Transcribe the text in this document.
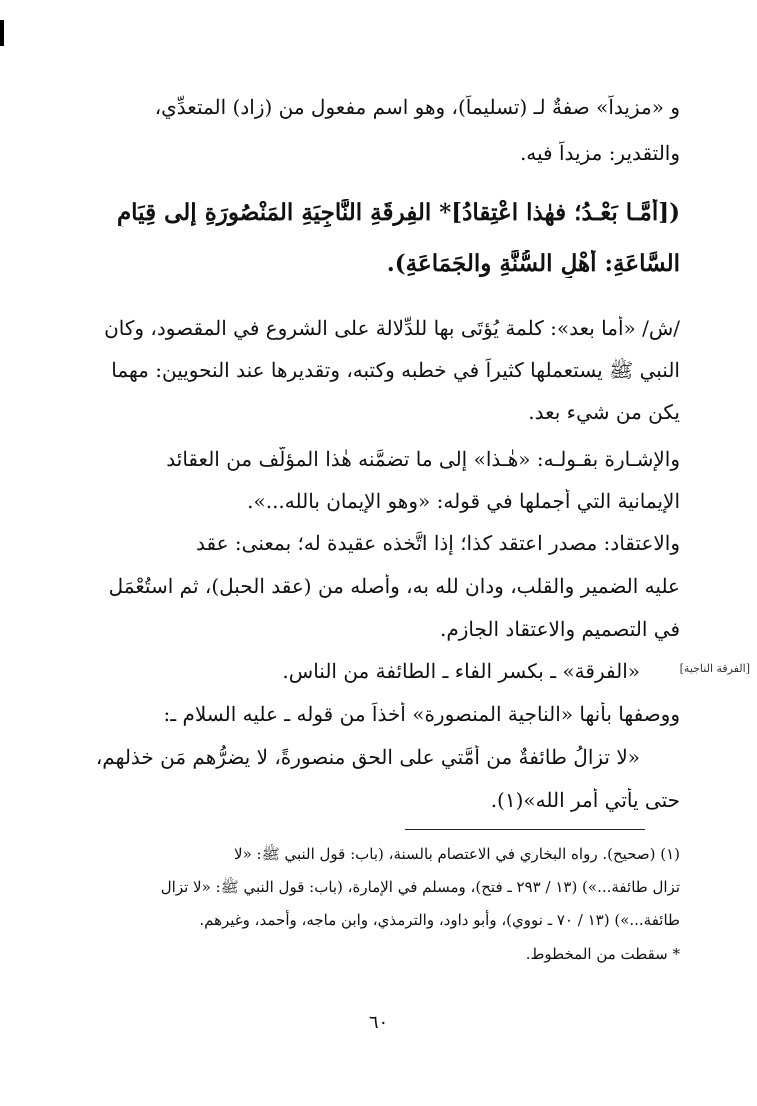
و «مزيداً» صفةٌ لـ (تسليماً)، وهو اسم مفعول من (زاد) المتعدِّي،
والتقدير: مزيداً فيه.
([أَمَّـا بَعْـدُ؛ فهٰذا اعْتِقادُ]* الفِرقَةِ النَّاجِيَةِ المَنْصُورَةِ إلى قِيَامِ
السَّاعَةِ: أَهْلِ السُّنَّةِ والجَمَاعَةِ).
/ش/ «أما بعد»: كلمة يُؤتَى بها للدِّلالة على الشروع في المقصود، وكان
النبي ﷺ يستعملها كثيراً في خطبه وكتبه، وتقديرها عند النحويين: مهما
يكن من شيء بعد.
والإشـارة بقـولـه: «هٰـذا» إلى ما تضمَّنه هٰذا المؤلَّف من العقائد
الإيمانية التي أجملها في قوله: «وهو الإيمان بالله...».
والاعتقاد: مصدر اعتقد كذا؛ إذا اتَّخذه عقيدة له؛ بمعنى: عقد
عليه الضمير والقلب، ودان لله به، وأصله من (عقد الحبل)، ثم استُعْمَل
في التصميم والاعتقاد الجازم.
«الفرقة» ـ بكسر الفاء ـ الطائفة من الناس.	[الفرقة الناجية]
ووصفها بأنها «الناجية المنصورة» أخذاً من قوله ـ عليه السلام ـ:
«لا تزالُ طائفةٌ من أُمَّتي على الحق منصورةً، لا يضرُّهم مَن خذلهم،
حتى يأتي أمر الله»(١).
(١) (صحيح). رواه البخاري في الاعتصام بالسنة، (باب: قول النبي ﷺ: «لا
تزال طائفة...») (١٣ / ٢٩٣ ـ فتح)، ومسلم في الإمارة، (باب: قول النبي ﷺ: «لا تزال
طائفة...») (١٣ / ٧٠ ـ نووي)، وأبو داود، والترمذي، وابن ماجه، وأحمد، وغيرهم.
* سقطت من المخطوط.
٦٠
